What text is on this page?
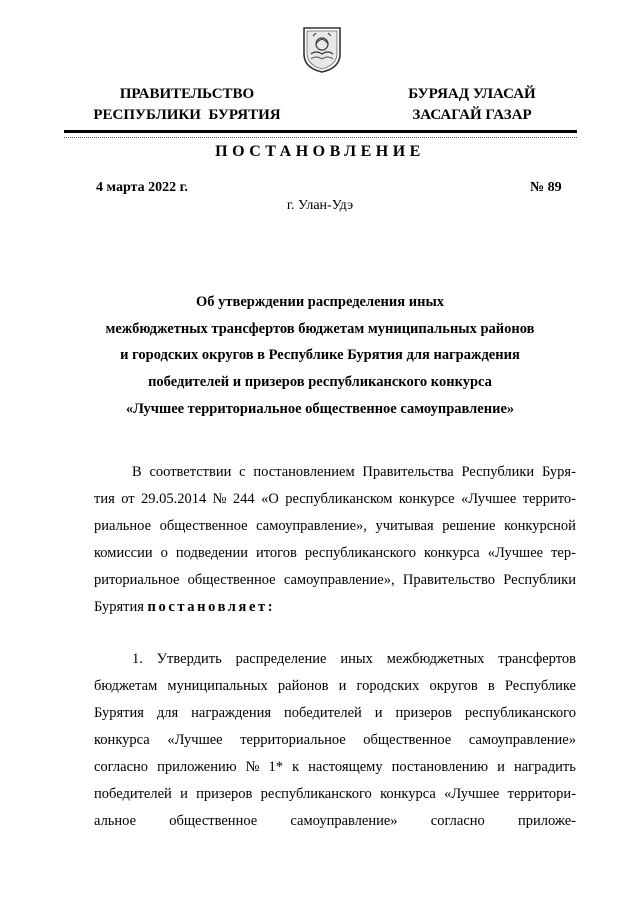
ПРАВИТЕЛЬСТВО
РЕСПУБЛИКИ  БУРЯТИЯ
БУРЯАД УЛАСАЙ
ЗАСАГАЙ ГАЗАР
ПОСТАНОВЛЕНИЕ
4 марта 2022 г.	№ 89
г. Улан-Удэ
Об утверждении распределения иных
межбюджетных трансфертов бюджетам муниципальных районов
и городских округов в Республике Бурятия для награждения
победителей и призеров республиканского конкурса
«Лучшее территориальное общественное самоуправление»
В соответствии с постановлением Правительства Республики Буря-
тия от 29.05.2014 № 244 «О республиканском конкурсе «Лучшее террито-
риальное общественное самоуправление», учитывая решение конкурсной
комиссии о подведении итогов республиканского конкурса «Лучшее тер-
риториальное общественное самоуправление», Правительство Республики
Бурятия постановляет:
1. Утвердить распределение иных межбюджетных трансфертов
бюджетам муниципальных районов и городских округов в Республике
Бурятия для награждения победителей и призеров республиканского
конкурса «Лучшее территориальное общественное самоуправление»
согласно приложению № 1* к настоящему постановлению и наградить
победителей и призеров республиканского конкурса «Лучшее территори-
альное общественное самоуправление» согласно приложе-
